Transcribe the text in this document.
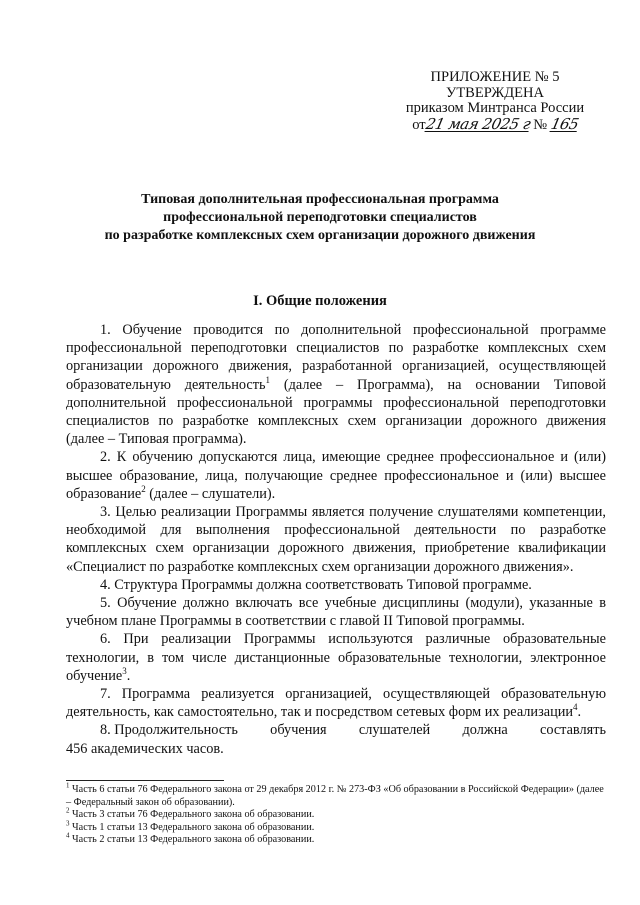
ПРИЛОЖЕНИЕ № 5
УТВЕРЖДЕНА
приказом Минтранса России
от21 мая 2025 г № 165
Типовая дополнительная профессиональная программа
профессиональной переподготовки специалистов
по разработке комплексных схем организации дорожного движения
I. Общие положения

1. Обучение проводится по дополнительной профессиональной программе профессиональной переподготовки специалистов по разработке комплексных схем организации дорожного движения, разработанной организацией, осуществляющей образовательную деятельность$^1$ (далее – Программа), на основании Типовой дополнительной профессиональной программы профессиональной переподготовки специалистов по разработке комплексных схем организации дорожного движения (далее – Типовая программа).

2. К обучению допускаются лица, имеющие среднее профессиональное и (или) высшее образование, лица, получающие среднее профессиональное и (или) высшее образование$^2$ (далее – слушатели).

3. Целью реализации Программы является получение слушателями компетенции, необходимой для выполнения профессиональной деятельности по разработке комплексных схем организации дорожного движения, приобретение квалификации «Специалист по разработке комплексных схем организации дорожного движения».

4. Структура Программы должна соответствовать Типовой программе.

5. Обучение должно включать все учебные дисциплины (модули), указанные в учебном плане Программы в соответствии с главой II Типовой программы.

6. При реализации Программы используются различные образовательные технологии, в том числе дистанционные образовательные технологии, электронное обучение$^3$.

7. Программа реализуется организацией, осуществляющей образовательную деятельность, как самостоятельно, так и посредством сетевых форм их реализации$^4$.

8. Продолжительность обучения слушателей должна составлять
456 академических часов.
$^1$ Часть 6 статьи 76 Федерального закона от 29 декабря 2012 г. № 273-ФЗ «Об образовании в Российской Федерации» (далее – Федеральный закон об образовании).
$^2$ Часть 3 статьи 76 Федерального закона об образовании.
$^3$ Часть 1 статьи 13 Федерального закона об образовании.
$^4$ Часть 2 статьи 13 Федерального закона об образовании.
